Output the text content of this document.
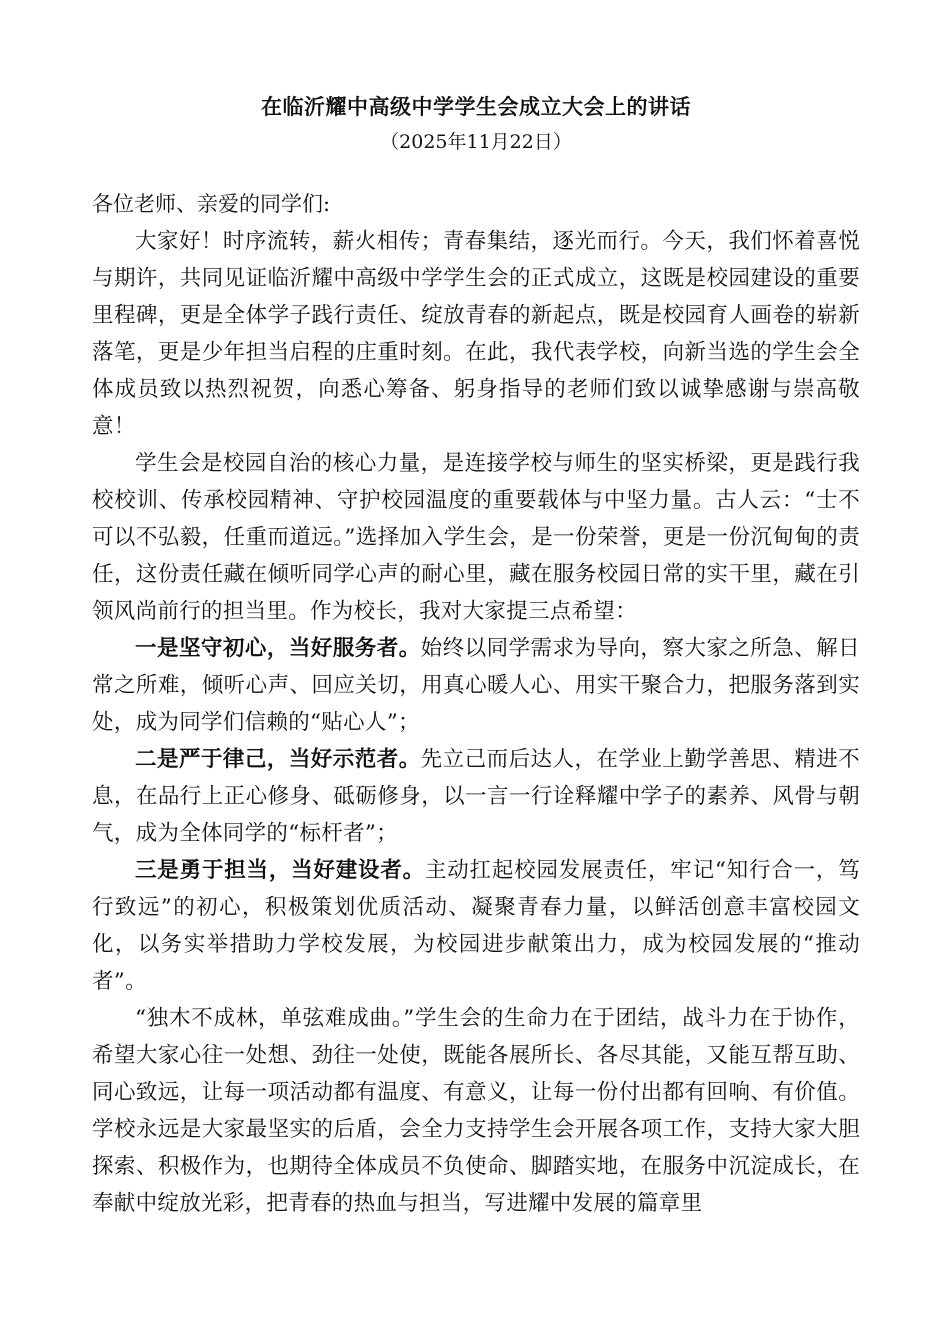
在临沂耀中高级中学学生会成立大会上的讲话
（2025年11月22日）

各位老师、亲爱的同学们:

大家好！时序流转，薪火相传；青春集结，逐光而行。今天，我们怀着喜悦与期许，共同见证临沂耀中高级中学学生会的正式成立，这既是校园建设的重要里程碑，更是全体学子践行责任、绽放青春的新起点，既是校园育人画卷的崭新落笔，更是少年担当启程的庄重时刻。在此，我代表学校，向新当选的学生会全体成员致以热烈祝贺，向悉心筹备、躬身指导的老师们致以诚挚感谢与崇高敬意！

学生会是校园自治的核心力量，是连接学校与师生的坚实桥梁，更是践行我校校训、传承校园精神、守护校园温度的重要载体与中坚力量。古人云：“士不可以不弘毅，任重而道远。”选择加入学生会，是一份荣誉，更是一份沉甸甸的责任，这份责任藏在倾听同学心声的耐心里，藏在服务校园日常的实干里，藏在引领风尚前行的担当里。作为校长，我对大家提三点希望：

一是坚守初心，当好服务者。始终以同学需求为导向，察大家之所急、解日常之所难，倾听心声、回应关切，用真心暖人心、用实干聚合力，把服务落到实处，成为同学们信赖的“贴心人”；

二是严于律己，当好示范者。先立己而后达人，在学业上勤学善思、精进不息，在品行上正心修身、砥砺修身，以一言一行诠释耀中学子的素养、风骨与朝气，成为全体同学的“标杆者”；

三是勇于担当，当好建设者。主动扛起校园发展责任，牢记“知行合一，笃行致远”的初心，积极策划优质活动、凝聚青春力量，以鲜活创意丰富校园文化，以务实举措助力学校发展，为校园进步献策出力，成为校园发展的“推动者”。

“独木不成林，单弦难成曲。”学生会的生命力在于团结，战斗力在于协作，希望大家心往一处想、劲往一处使，既能各展所长、各尽其能，又能互帮互助、同心致远，让每一项活动都有温度、有意义，让每一份付出都有回响、有价值。学校永远是大家最坚实的后盾，会全力支持学生会开展各项工作，支持大家大胆探索、积极作为，也期待全体成员不负使命、脚踏实地，在服务中沉淀成长，在奉献中绽放光彩，把青春的热血与担当，写进耀中发展的篇章里
